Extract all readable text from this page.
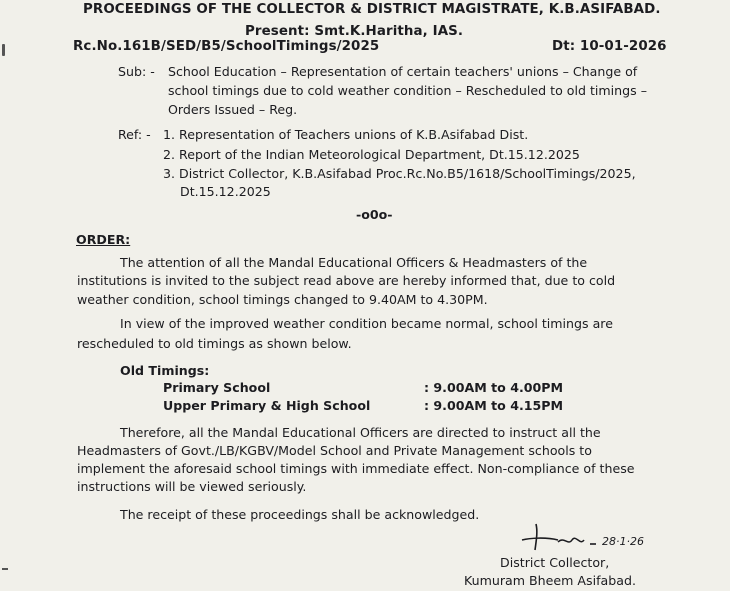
PROCEEDINGS OF THE COLLECTOR & DISTRICT MAGISTRATE, K.B.ASIFABAD.
Present: Smt.K.Haritha, IAS.
Rc.No.161B/SED/B5/SchoolTimings/2025	Dt: 10-01-2026
Sub: - School Education – Representation of certain teachers' unions – Change of
school timings due to cold weather condition – Rescheduled to old timings –
Orders Issued – Reg.
Ref: - 1. Representation of Teachers unions of K.B.Asifabad Dist.
2. Report of the Indian Meteorological Department, Dt.15.12.2025
3. District Collector, K.B.Asifabad Proc.Rc.No.B5/1618/SchoolTimings/2025,
Dt.15.12.2025
-o0o-
ORDER:
The attention of all the Mandal Educational Officers & Headmasters of the
institutions is invited to the subject read above are hereby informed that, due to cold
weather condition, school timings changed to 9.40AM to 4.30PM.
In view of the improved weather condition became normal, school timings are
rescheduled to old timings as shown below.
Old Timings:
Primary School	: 9.00AM to 4.00PM
Upper Primary & High School	: 9.00AM to 4.15PM
Therefore, all the Mandal Educational Officers are directed to instruct all the
Headmasters of Govt./LB/KGBV/Model School and Private Management schools to
implement the aforesaid school timings with immediate effect. Non-compliance of these
instructions will be viewed seriously.
The receipt of these proceedings shall be acknowledged.
28·1·26
District Collector,
Kumuram Bheem Asifabad.
